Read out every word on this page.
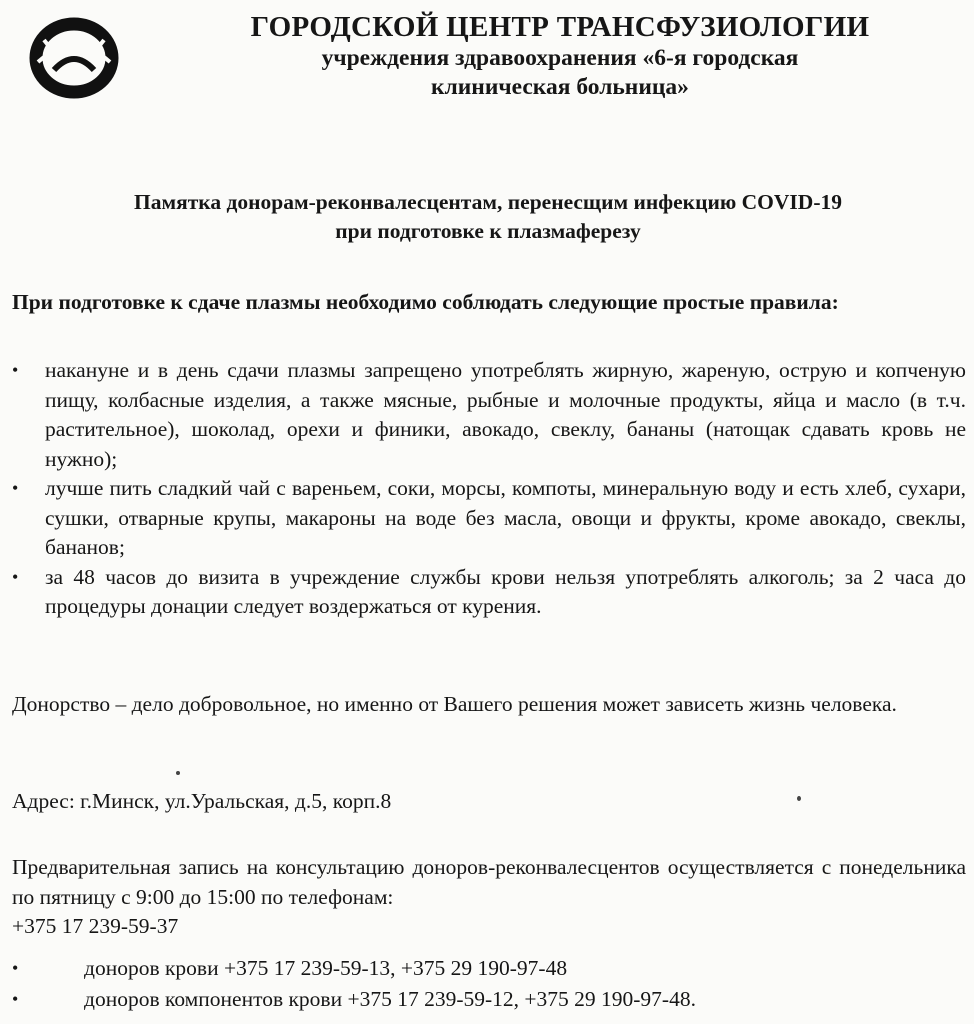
ГОРОДСКОЙ ЦЕНТР ТРАНСФУЗИОЛОГИИ
учреждения здравоохранения «6-я городская
клиническая больница»
Памятка донорам-реконвалесцентам, перенесщим инфекцию COVID-19
при подготовке к плазмаферезу
При подготовке к сдаче плазмы необходимо соблюдать следующие простые правила:
•	накануне и в день сдачи плазмы запрещено употреблять жирную, жареную, острую и копченую пищу, колбасные изделия, а также мясные, рыбные и молочные продукты, яйца и масло (в т.ч. растительное), шоколад, орехи и финики, авокадо, свеклу, бананы (натощак сдавать кровь не нужно);
•	лучше пить сладкий чай с вареньем, соки, морсы, компоты, минеральную воду и есть хлеб, сухари, сушки, отварные крупы, макароны на воде без масла, овощи и фрукты, кроме авокадо, свеклы, бананов;
•	за 48 часов до визита в учреждение службы крови нельзя употреблять алкоголь; за 2 часа до процедуры донации следует воздержаться от курения.
Донорство – дело добровольное, но именно от Вашего решения может зависеть жизнь человека.
Адрес: г.Минск, ул.Уральская, д.5, корп.8
Предварительная запись на консультацию доноров-реконвалесцентов осуществляется с понедельника по пятницу с 9:00 до 15:00 по телефонам:
+375 17 239-59-37
•	доноров крови +375 17 239-59-13, +375 29 190-97-48
•	доноров компонентов крови +375 17 239-59-12, +375 29 190-97-48.
